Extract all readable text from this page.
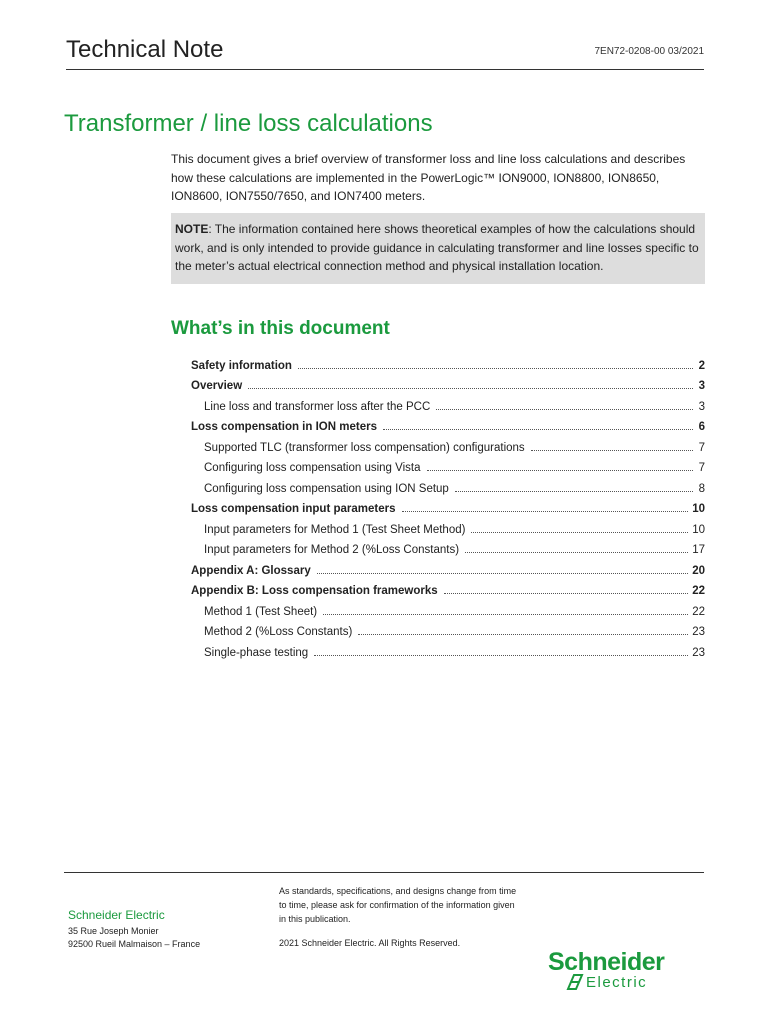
Technical Note	7EN72-0208-00 03/2021
Transformer / line loss calculations

This document gives a brief overview of transformer loss and line loss calculations and describes how these calculations are implemented in the PowerLogic™ ION9000, ION8800, ION8650, ION8600, ION7550/7650, and ION7400 meters.

NOTE: The information contained here shows theoretical examples of how the calculations should work, and is only intended to provide guidance in calculating transformer and line losses specific to the meter’s actual electrical connection method and physical installation location.
What’s in this document
Safety information	2
Overview	3
Line loss and transformer loss after the PCC	3
Loss compensation in ION meters	6
Supported TLC (transformer loss compensation) configurations	7
Configuring loss compensation using Vista	7
Configuring loss compensation using ION Setup	8
Loss compensation input parameters	10
Input parameters for Method 1 (Test Sheet Method)	10
Input parameters for Method 2 (%Loss Constants)	17
Appendix A: Glossary	20
Appendix B: Loss compensation frameworks	22
Method 1 (Test Sheet)	22
Method 2 (%Loss Constants)	23
Single-phase testing	23
Schneider Electric
35 Rue Joseph Monier
92500 Rueil Malmaison – France
As standards, specifications, and designs change from time to time, please ask for confirmation of the information given in this publication.
2021 Schneider Electric. All Rights Reserved.
Schneider
Electric
